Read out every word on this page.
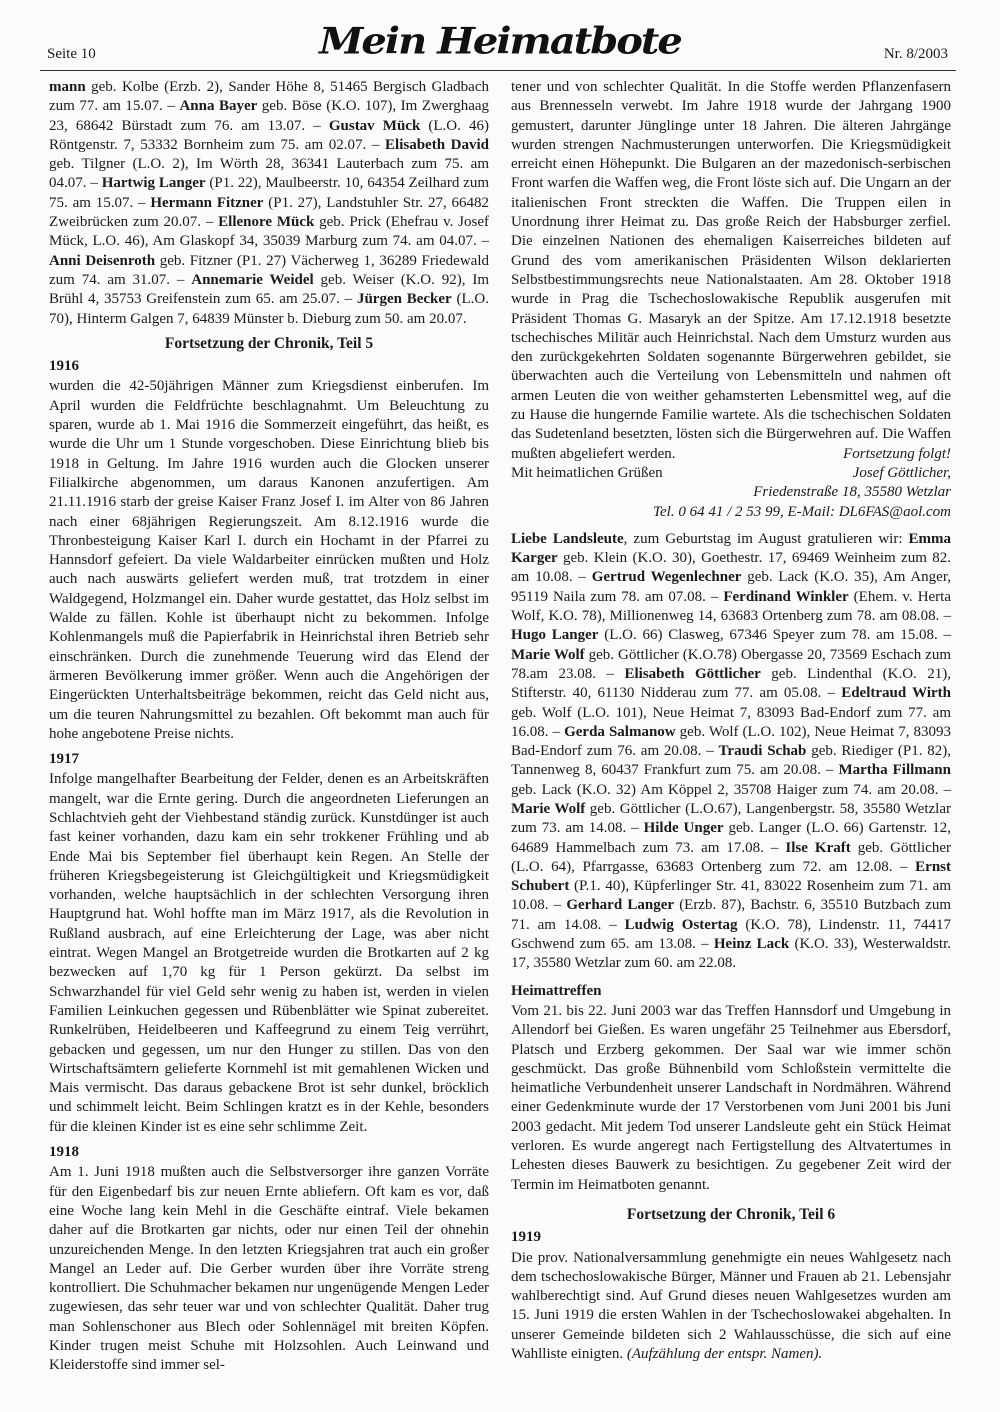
Seite 10	Mein Heimatbote	Nr. 8/2003

mann geb. Kolbe (Erzb. 2), Sander Höhe 8, 51465 Bergisch Gladbach zum 77. am 15.07. – Anna Bayer geb. Böse (K.O. 107), Im Zwerghaag 23, 68642 Bürstadt zum 76. am 13.07. – Gustav Mück (L.O. 46) Röntgenstr. 7, 53332 Bornheim zum 75. am 02.07. – Elisabeth David geb. Tilgner (L.O. 2), Im Wörth 28, 36341 Lauterbach zum 75. am 04.07. – Hartwig Langer (P1. 22), Maulbeerstr. 10, 64354 Zeilhard zum 75. am 15.07. – Hermann Fitzner (P1. 27), Landstuhler Str. 27, 66482 Zweibrücken zum 20.07. – Ellenore Mück geb. Prick (Ehefrau v. Josef Mück, L.O. 46), Am Glaskopf 34, 35039 Marburg zum 74. am 04.07. – Anni Deisenroth geb. Fitzner (P1. 27) Vächerweg 1, 36289 Friedewald zum 74. am 31.07. – Annemarie Weidel geb. Weiser (K.O. 92), Im Brühl 4, 35753 Greifenstein zum 65. am 25.07. – Jürgen Becker (L.O. 70), Hinterm Galgen 7, 64839 Münster b. Dieburg zum 50. am 20.07.

Fortsetzung der Chronik, Teil 5
1916

wurden die 42-50jährigen Männer zum Kriegsdienst einberufen. Im April wurden die Feldfrüchte beschlagnahmt. Um Beleuchtung zu sparen, wurde ab 1. Mai 1916 die Sommerzeit eingeführt, das heißt, es wurde die Uhr um 1 Stunde vorgeschoben. Diese Einrichtung blieb bis 1918 in Geltung. Im Jahre 1916 wurden auch die Glocken unserer Filialkirche abgenommen, um daraus Kanonen anzufertigen. Am 21.11.1916 starb der greise Kaiser Franz Josef I. im Alter von 86 Jahren nach einer 68jährigen Regierungszeit. Am 8.12.1916 wurde die Thronbesteigung Kaiser Karl I. durch ein Hochamt in der Pfarrei zu Hannsdorf gefeiert. Da viele Waldarbeiter einrücken mußten und Holz auch nach auswärts geliefert werden muß, trat trotzdem in einer Waldgegend, Holzmangel ein. Daher wurde gestattet, das Holz selbst im Walde zu fällen. Kohle ist überhaupt nicht zu bekommen. Infolge Kohlenmangels muß die Papierfabrik in Heinrichstal ihren Betrieb sehr einschränken. Durch die zunehmende Teuerung wird das Elend der ärmeren Bevölkerung immer größer. Wenn auch die Angehörigen der Eingerückten Unterhaltsbeiträge bekommen, reicht das Geld nicht aus, um die teuren Nahrungsmittel zu bezahlen. Oft bekommt man auch für hohe angebotene Preise nichts.

1917

Infolge mangelhafter Bearbeitung der Felder, denen es an Arbeitskräften mangelt, war die Ernte gering. Durch die angeordneten Lieferungen an Schlachtvieh geht der Viehbestand ständig zurück. Kunstdünger ist auch fast keiner vorhanden, dazu kam ein sehr trokkener Frühling und ab Ende Mai bis September fiel überhaupt kein Regen. An Stelle der früheren Kriegsbegeisterung ist Gleichgültigkeit und Kriegsmüdigkeit vorhanden, welche hauptsächlich in der schlechten Versorgung ihren Hauptgrund hat. Wohl hoffte man im März 1917, als die Revolution in Rußland ausbrach, auf eine Erleichterung der Lage, was aber nicht eintrat. Wegen Mangel an Brotgetreide wurden die Brotkarten auf 2 kg bezwecken auf 1,70 kg für 1 Person gekürzt. Da selbst im Schwarzhandel für viel Geld sehr wenig zu haben ist, werden in vielen Familien Leinkuchen gegessen und Rübenblätter wie Spinat zubereitet. Runkelrüben, Heidelbeeren und Kaffeegrund zu einem Teig verrührt, gebacken und gegessen, um nur den Hunger zu stillen. Das von den Wirtschaftsämtern gelieferte Kornmehl ist mit gemahlenen Wicken und Mais vermischt. Das daraus gebackene Brot ist sehr dunkel, bröcklich und schimmelt leicht. Beim Schlingen kratzt es in der Kehle, besonders für die kleinen Kinder ist es eine sehr schlimme Zeit.

1918

Am 1. Juni 1918 mußten auch die Selbstversorger ihre ganzen Vorräte für den Eigenbedarf bis zur neuen Ernte abliefern. Oft kam es vor, daß eine Woche lang kein Mehl in die Geschäfte eintraf. Viele bekamen daher auf die Brotkarten gar nichts, oder nur einen Teil der ohnehin unzureichenden Menge. In den letzten Kriegsjahren trat auch ein großer Mangel an Leder auf. Die Gerber wurden über ihre Vorräte streng kontrolliert. Die Schuhmacher bekamen nur ungenügende Mengen Leder zugewiesen, das sehr teuer war und von schlechter Qualität. Daher trug man Sohlenschoner aus Blech oder Sohlennägel mit breiten Köpfen. Kinder trugen meist Schuhe mit Holzsohlen. Auch Leinwand und Kleiderstoffe sind immer sel-

tener und von schlechter Qualität. In die Stoffe werden Pflanzenfasern aus Brennesseln verwebt. Im Jahre 1918 wurde der Jahrgang 1900 gemustert, darunter Jünglinge unter 18 Jahren. Die älteren Jahrgänge wurden strengen Nachmusterungen unterworfen. Die Kriegsmüdigkeit erreicht einen Höhepunkt. Die Bulgaren an der mazedonisch-serbischen Front warfen die Waffen weg, die Front löste sich auf. Die Ungarn an der italienischen Front streckten die Waffen. Die Truppen eilen in Unordnung ihrer Heimat zu. Das große Reich der Habsburger zerfiel. Die einzelnen Nationen des ehemaligen Kaiserreiches bildeten auf Grund des vom amerikanischen Präsidenten Wilson deklarierten Selbstbestimmungsrechts neue Nationalstaaten. Am 28. Oktober 1918 wurde in Prag die Tschechoslowakische Republik ausgerufen mit Präsident Thomas G. Masaryk an der Spitze. Am 17.12.1918 besetzte tschechisches Militär auch Heinrichstal. Nach dem Umsturz wurden aus den zurückgekehrten Soldaten sogenannte Bürgerwehren gebildet, sie überwachten auch die Verteilung von Lebensmitteln und nahmen oft armen Leuten die von weither gehamsterten Lebensmittel weg, auf die zu Hause die hungernde Familie wartete. Als die tschechischen Soldaten das Sudetenland besetzten, lösten sich die Bürgerwehren auf. Die Waffen mußten abgeliefert werden.	Fortsetzung folgt!

Mit heimatlichen Grüßen	Josef Göttlicher,
Friedenstraße 18, 35580 Wetzlar
Tel. 0 64 41 / 2 53 99, E-Mail: DL6FAS@aol.com

Liebe Landsleute, zum Geburtstag im August gratulieren wir: Emma Karger geb. Klein (K.O. 30), Goethestr. 17, 69469 Weinheim zum 82. am 10.08. – Gertrud Wegenlechner geb. Lack (K.O. 35), Am Anger, 95119 Naila zum 78. am 07.08. – Ferdinand Winkler (Ehem. v. Herta Wolf, K.O. 78), Millionenweg 14, 63683 Ortenberg zum 78. am 08.08. – Hugo Langer (L.O. 66) Clasweg, 67346 Speyer zum 78. am 15.08. – Marie Wolf geb. Göttlicher (K.O.78) Obergasse 20, 73569 Eschach zum 78.am 23.08. – Elisabeth Göttlicher geb. Lindenthal (K.O. 21), Stifterstr. 40, 61130 Nidderau zum 77. am 05.08. – Edeltraud Wirth geb. Wolf (L.O. 101), Neue Heimat 7, 83093 Bad-Endorf zum 77. am 16.08. – Gerda Salmanow geb. Wolf (L.O. 102), Neue Heimat 7, 83093 Bad-Endorf zum 76. am 20.08. – Traudi Schab geb. Riediger (P1. 82), Tannenweg 8, 60437 Frankfurt zum 75. am 20.08. – Martha Fillmann geb. Lack (K.O. 32) Am Köppel 2, 35708 Haiger zum 74. am 20.08. – Marie Wolf geb. Göttlicher (L.O.67), Langenbergstr. 58, 35580 Wetzlar zum 73. am 14.08. – Hilde Unger geb. Langer (L.O. 66) Gartenstr. 12, 64689 Hammelbach zum 73. am 17.08. – Ilse Kraft geb. Göttlicher (L.O. 64), Pfarrgasse, 63683 Ortenberg zum 72. am 12.08. – Ernst Schubert (P.1. 40), Küpferlinger Str. 41, 83022 Rosenheim zum 71. am 10.08. – Gerhard Langer (Erzb. 87), Bachstr. 6, 35510 Butzbach zum 71. am 14.08. – Ludwig Ostertag (K.O. 78), Lindenstr. 11, 74417 Gschwend zum 65. am 13.08. – Heinz Lack (K.O. 33), Westerwaldstr. 17, 35580 Wetzlar zum 60. am 22.08.

Heimattreffen

Vom 21. bis 22. Juni 2003 war das Treffen Hannsdorf und Umgebung in Allendorf bei Gießen. Es waren ungefähr 25 Teilnehmer aus Ebersdorf, Platsch und Erzberg gekommen. Der Saal war wie immer schön geschmückt. Das große Bühnenbild vom Schloßstein vermittelte die heimatliche Verbundenheit unserer Landschaft in Nordmähren. Während einer Gedenkminute wurde der 17 Verstorbenen vom Juni 2001 bis Juni 2003 gedacht. Mit jedem Tod unserer Landsleute geht ein Stück Heimat verloren. Es wurde angeregt nach Fertigstellung des Altvatertumes in Lehesten dieses Bauwerk zu besichtigen. Zu gegebener Zeit wird der Termin im Heimatboten genannt.

Fortsetzung der Chronik, Teil 6
1919

Die prov. Nationalversammlung genehmigte ein neues Wahlgesetz nach dem tschechoslowakische Bürger, Männer und Frauen ab 21. Lebensjahr wahlberechtigt sind. Auf Grund dieses neuen Wahlgesetzes wurden am 15. Juni 1919 die ersten Wahlen in der Tschechoslowakei abgehalten. In unserer Gemeinde bildeten sich 2 Wahlausschüsse, die sich auf eine Wahlliste einigten. (Aufzählung der entspr. Namen).
